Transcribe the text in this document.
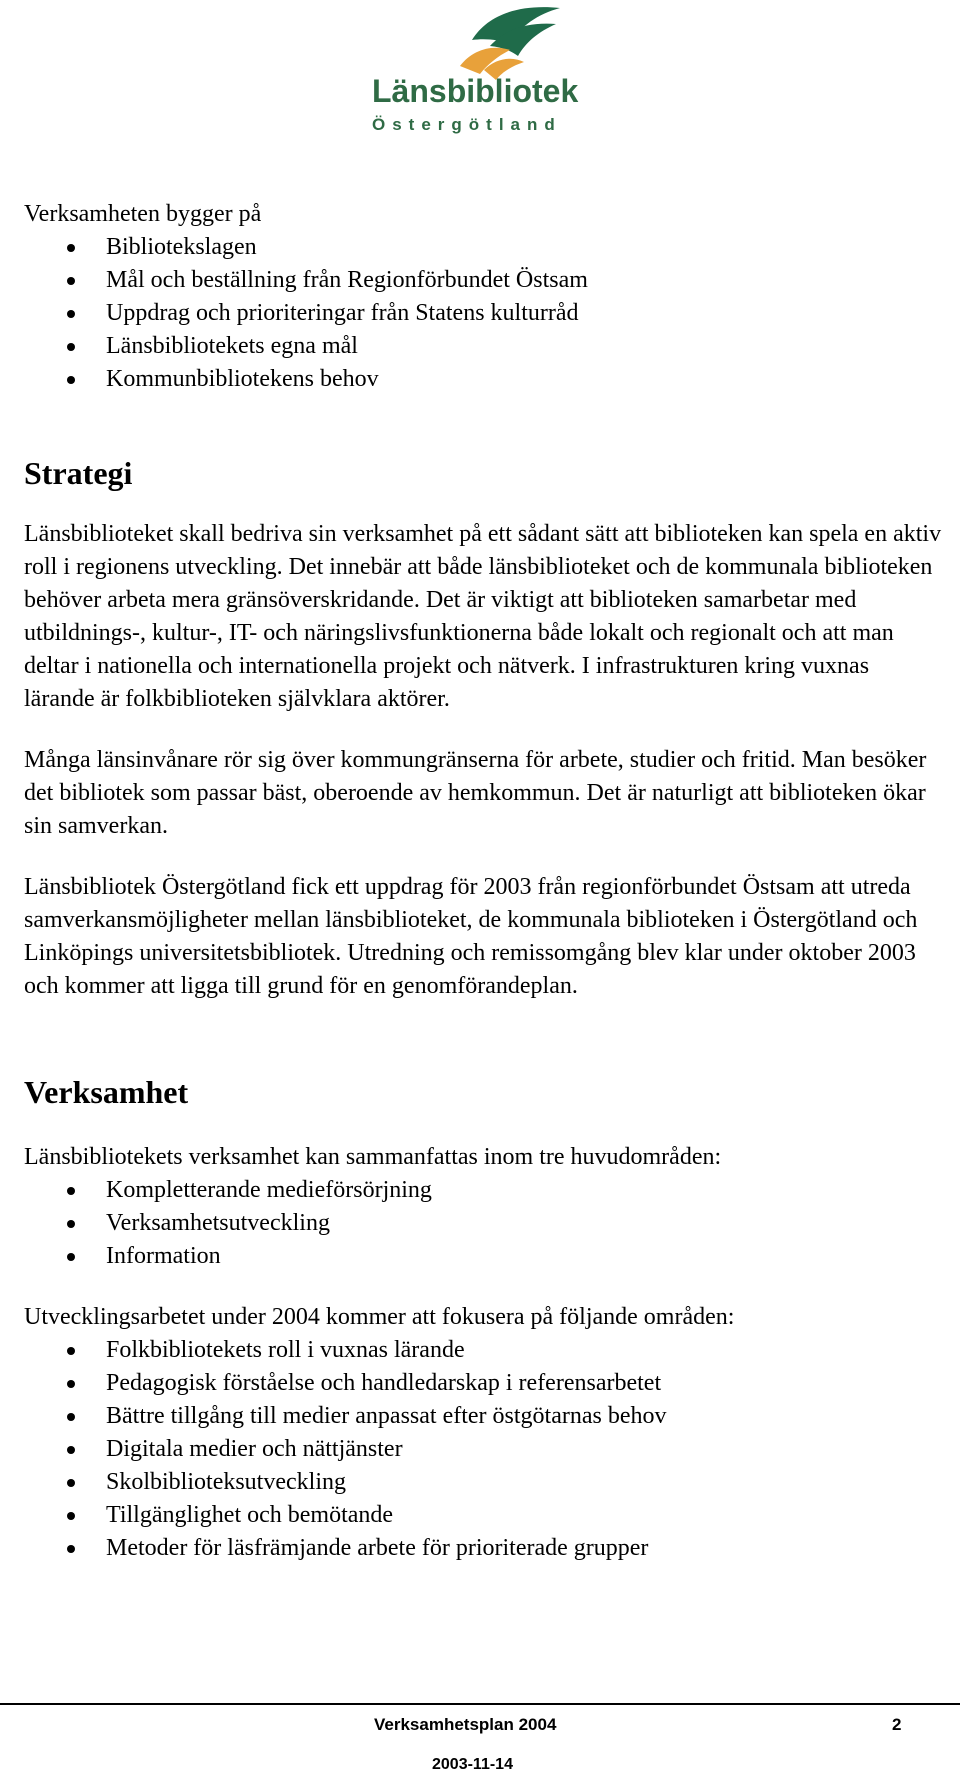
Länsbibliotek
Östergötland

Verksamheten bygger på

Bibliotekslagen
Mål och beställning från Regionförbundet Östsam
Uppdrag och prioriteringar från Statens kulturråd
Länsbibliotekets egna mål
Kommunbibliotekens behov
Strategi

Länsbiblioteket skall bedriva sin verksamhet på ett sådant sätt att biblioteken kan spela en aktiv roll i regionens utveckling. Det innebär att både länsbiblioteket och de kommunala biblioteken behöver arbeta mera gränsöverskridande. Det är viktigt att biblioteken samarbetar med utbildnings-, kultur-, IT- och näringslivsfunktionerna både lokalt och regionalt och att man deltar i nationella och internationella projekt och nätverk. I infrastrukturen kring vuxnas lärande är folkbiblioteken självklara aktörer.

Många länsinvånare rör sig över kommungränserna för arbete, studier och fritid. Man besöker det bibliotek som passar bäst, oberoende av hemkommun. Det är naturligt att biblioteken ökar sin samverkan.

Länsbibliotek Östergötland fick ett uppdrag för 2003 från regionförbundet Östsam att utreda samverkansmöjligheter mellan länsbiblioteket, de kommunala biblioteken i Östergötland och Linköpings universitetsbibliotek. Utredning och remissomgång blev klar under oktober 2003 och kommer att ligga till grund för en genomförandeplan.

Verksamhet

Länsbibliotekets verksamhet kan sammanfattas inom tre huvudområden:

Kompletterande medieförsörjning
Verksamhetsutveckling
Information

Utvecklingsarbetet under 2004 kommer att fokusera på följande områden:

Folkbibliotekets roll i vuxnas lärande
Pedagogisk förståelse och handledarskap i referensarbetet
Bättre tillgång till medier anpassat efter östgötarnas behov
Digitala medier och nättjänster
Skolbiblioteksutveckling
Tillgänglighet och bemötande
Metoder för läsfrämjande arbete för prioriterade grupper
Verksamhetsplan 2004	2
2003-11-14
